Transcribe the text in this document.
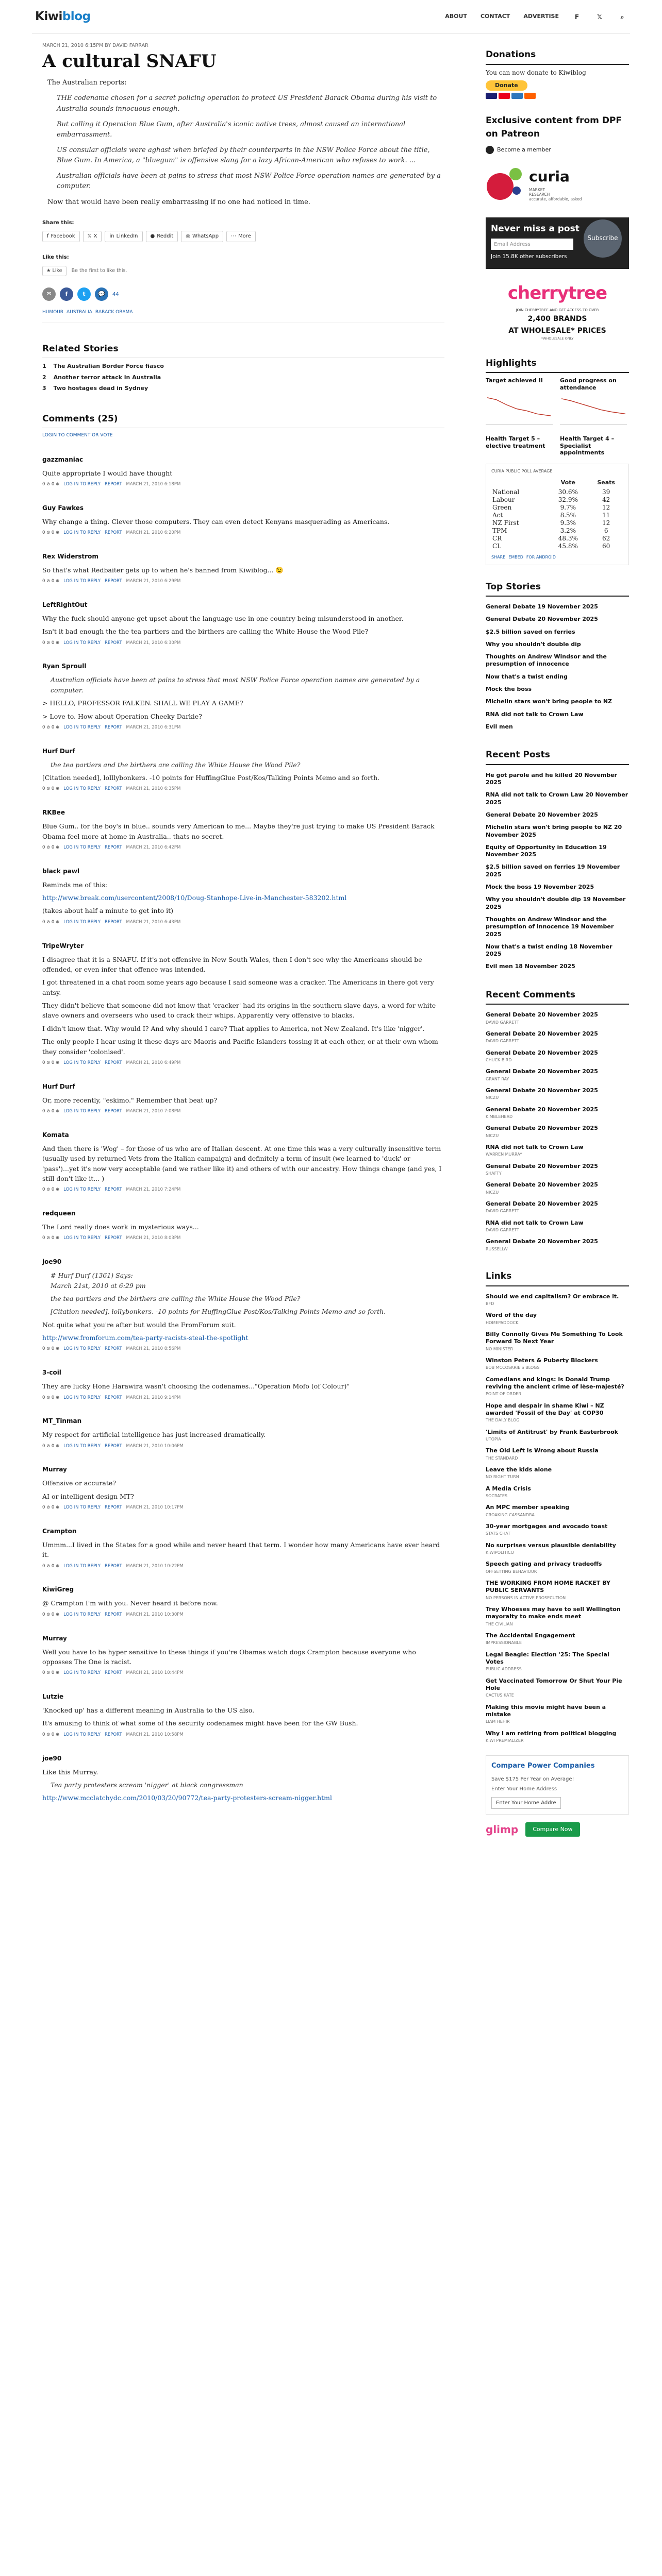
Kiwiblog	ABOUT CONTACT ADVERTISE	F	𝕏	⌕
MARCH 21, 2010 6:15PM BY DAVID FARRAR
A cultural SNAFU

The Australian reports:

THE codename chosen for a secret policing operation to protect US President Barack Obama during his visit to Australia sounds innocuous enough.

But calling it Operation Blue Gum, after Australia's iconic native trees, almost caused an international embarrassment.

US consular officials were aghast when briefed by their counterparts in the NSW Police Force about the title, Blue Gum. In America, a "bluegum" is offensive slang for a lazy African-American who refuses to work. ...

Australian officials have been at pains to stress that most NSW Police Force operation names are generated by a computer.

Now that would have been really embarrassing if no one had noticed in time.

Share this:
f Facebook 𝕏 X in LinkedIn ● Reddit ◎ WhatsApp ⋯ More
Like this:
★ Like Be the first to like this.
✉	f	t	💬	44
HUMOUR AUSTRALIA BARACK OBAMA
Related Stories
1 The Australian Border Force fiasco
2 Another terror attack in Australia
3 Two hostages dead in Sydney
Comments (25)
LOGIN TO COMMENT OR VOTE
gazzmaniac

Quite appropriate I would have thought

0 ⊘ 0 ⊕ LOG IN TO REPLY REPORT MARCH 21, 2010 6:18PM
Guy Fawkes

Why change a thing. Clever those computers. They can even detect Kenyans masquerading as Americans.

0 ⊘ 0 ⊕ LOG IN TO REPLY REPORT MARCH 21, 2010 6:20PM
Rex Widerstrom

So that's what Redbaiter gets up to when he's banned from Kiwiblog... 😉

0 ⊘ 0 ⊕ LOG IN TO REPLY REPORT MARCH 21, 2010 6:29PM
LeftRightOut

Why the fuck should anyone get upset about the language use in one country being misunderstood in another.

Isn't it bad enough the the tea partiers and the birthers are calling the White House the Wood Pile?

0 ⊘ 0 ⊕ LOG IN TO REPLY REPORT MARCH 21, 2010 6:30PM
Ryan Sproull

Australian officials have been at pains to stress that most NSW Police Force operation names are generated by a computer.

> HELLO, PROFESSOR FALKEN. SHALL WE PLAY A GAME?

> Love to. How about Operation Cheeky Darkie?

0 ⊘ 0 ⊕ LOG IN TO REPLY REPORT MARCH 21, 2010 6:31PM
Hurf Durf

the tea partiers and the birthers are calling the White House the Wood Pile?

[Citation needed], lolllybonkers. -10 points for HuffingGlue Post/Kos/Talking Points Memo and so forth.

0 ⊘ 0 ⊕ LOG IN TO REPLY REPORT MARCH 21, 2010 6:35PM
RKBee

Blue Gum.. for the boy's in blue.. sounds very American to me... Maybe they're just trying to make US President Barack Obama feel more at home in Australia.. thats no secret.

0 ⊘ 0 ⊕ LOG IN TO REPLY REPORT MARCH 21, 2010 6:42PM
black pawl

Reminds me of this:

http://www.break.com/usercontent/2008/10/Doug-Stanhope-Live-in-Manchester-583202.html

(takes about half a minute to get into it)

0 ⊘ 0 ⊕ LOG IN TO REPLY REPORT MARCH 21, 2010 6:43PM
TripeWryter

I disagree that it is a SNAFU. If it's not offensive in New South Wales, then I don't see why the Americans should be offended, or even infer that offence was intended.

I got threatened in a chat room some years ago because I said someone was a cracker. The Americans in there got very antsy.

They didn't believe that someone did not know that 'cracker' had its origins in the southern slave days, a word for white slave owners and overseers who used to crack their whips. Apparently very offensive to blacks.

I didn't know that. Why would I? And why should I care? That applies to America, not New Zealand. It's like 'nigger'.

The only people I hear using it these days are Maoris and Pacific Islanders tossing it at each other, or at their own whom they consider 'colonised'.

0 ⊘ 0 ⊕ LOG IN TO REPLY REPORT MARCH 21, 2010 6:49PM
Hurf Durf

Or, more recently, "eskimo." Remember that beat up?

0 ⊘ 0 ⊕ LOG IN TO REPLY REPORT MARCH 21, 2010 7:08PM
Komata

And then there is 'Wog' – for those of us who are of Italian descent. At one time this was a very culturally insensitive term (usually used by returned Vets from the Italian campaign) and definitely a term of insult (we learned to 'duck' or 'pass')...yet it's now very acceptable (and we rather like it) and others of with our ancestry. How things change (and yes, I still don't like it... )

0 ⊘ 0 ⊕ LOG IN TO REPLY REPORT MARCH 21, 2010 7:24PM
redqueen

The Lord really does work in mysterious ways...

0 ⊘ 0 ⊕ LOG IN TO REPLY REPORT MARCH 21, 2010 8:03PM
joe90

# Hurf Durf (1361) Says:
March 21st, 2010 at 6:29 pm

the tea partiers and the birthers are calling the White House the Wood Pile?

[Citation needed], lollybonkers. -10 points for HuffingGlue Post/Kos/Talking Points Memo and so forth.

Not quite what you're after but would the FromForum suit.

http://www.fromforum.com/tea-party-racists-steal-the-spotlight

0 ⊘ 0 ⊕ LOG IN TO REPLY REPORT MARCH 21, 2010 8:56PM
3-coil

They are lucky Hone Harawira wasn't choosing the codenames..."Operation Mofo (of Colour)"

0 ⊘ 0 ⊕ LOG IN TO REPLY REPORT MARCH 21, 2010 9:14PM
MT_Tinman

My respect for artificial intelligence has just increased dramatically.

0 ⊘ 0 ⊕ LOG IN TO REPLY REPORT MARCH 21, 2010 10:06PM
Murray

Offensive or accurate?

AI or intelligent design MT?

0 ⊘ 0 ⊕ LOG IN TO REPLY REPORT MARCH 21, 2010 10:17PM
Crampton

Ummm...I lived in the States for a good while and never heard that term. I wonder how many Americans have ever heard it.

0 ⊘ 0 ⊕ LOG IN TO REPLY REPORT MARCH 21, 2010 10:22PM
KiwiGreg

@ Crampton I'm with you. Never heard it before now.

0 ⊘ 0 ⊕ LOG IN TO REPLY REPORT MARCH 21, 2010 10:30PM
Murray

Well you have to be hyper sensitive to these things if you're Obamas watch dogs Crampton because everyone who opposses The One is racist.

0 ⊘ 0 ⊕ LOG IN TO REPLY REPORT MARCH 21, 2010 10:44PM
Lutzie

'Knocked up' has a different meaning in Australia to the US also.

It's amusing to think of what some of the security codenames might have been for the GW Bush.

0 ⊘ 0 ⊕ LOG IN TO REPLY REPORT MARCH 21, 2010 10:58PM
joe90

Like this Murray.

Tea party protesters scream 'nigger' at black congressman

http://www.mcclatchydc.com/2010/03/20/90772/tea-party-protesters-scream-nigger.html

Donations
You can now donate to Kiwiblog
Donate
Exclusive content from DPF on Patreon
Become a member
curia
MARKET
RESEARCH
accurate, affordable, asked
Never miss a post
Email Address
Join 15.8K other subscribers
Subscribe
cherrytree
JOIN CHERRYTREE AND GET ACCESS TO OVER
2,400 BRANDS
AT WHOLESALE* PRICES
*WHOLESALE ONLY
Highlights
Target achieved II	Good progress on attendance
Health Target 5 – elective treatment
Health Target 4 – Specialist appointments
CURIA PUBLIC POLL AVERAGE
	Vote	Seats
National	30.6%	39
Labour	32.9%	42
Green	9.7%	12
Act	8.5%	11
NZ First	9.3%	12
TPM	3.2%	6
CR	48.3%	62
CL	45.8%	60
SHARE EMBED FOR ANDROID
Top Stories
General Debate 19 November 2025
General Debate 20 November 2025
$2.5 billion saved on ferries
Why you shouldn't double dip
Thoughts on Andrew Windsor and the presumption of innocence
Now that's a twist ending
Mock the boss
Michelin stars won't bring people to NZ
RNA did not talk to Crown Law
Evil men
Recent Posts
He got parole and he killed 20 November 2025
RNA did not talk to Crown Law 20 November 2025
General Debate 20 November 2025
Michelin stars won't bring people to NZ 20 November 2025
Equity of Opportunity in Education 19 November 2025
$2.5 billion saved on ferries 19 November 2025
Mock the boss 19 November 2025
Why you shouldn't double dip 19 November 2025
Thoughts on Andrew Windsor and the presumption of innocence 19 November 2025
Now that's a twist ending 18 November 2025
Evil men 18 November 2025
Recent Comments
General Debate 20 November 2025
DAVID GARRETT
General Debate 20 November 2025
DAVID GARRETT
General Debate 20 November 2025
CHUCK BIRD
General Debate 20 November 2025
GRANT RAY
General Debate 20 November 2025
NICZU
General Debate 20 November 2025
KIMBLEHEAD
General Debate 20 November 2025
NICZU
RNA did not talk to Crown Law
WARREN MURRAY
General Debate 20 November 2025
SHAFTY
General Debate 20 November 2025
NICZU
General Debate 20 November 2025
DAVID GARRETT
RNA did not talk to Crown Law
DAVID GARRETT
General Debate 20 November 2025
RUSSELLW
Links
Should we end capitalism? Or embrace it.
BFD
Word of the day
HOMEPADDOCK
Billy Connolly Gives Me Something To Look Forward To Next Year
NO MINISTER
Winston Peters & Puberty Blockers
BOB MCCOSKRIE'S BLOGS
Comedians and kings: is Donald Trump reviving the ancient crime of lèse-majesté?
POINT OF ORDER
Hope and despair in shame Kiwi – NZ awarded 'Fossil of the Day' at COP30
THE DAILY BLOG
'Limits of Antitrust' by Frank Easterbrook
UTOPIA
The Old Left is Wrong about Russia
THE STANDARD
Leave the kids alone
NO RIGHT TURN
A Media Crisis
SOCRATES
An MPC member speaking
CROAKING CASSANDRA
30-year mortgages and avocado toast
STATS CHAT
No surprises versus plausible deniability
KIWIPOLITICO
Speech gating and privacy tradeoffs
OFFSETTING BEHAVIOUR
THE WORKING FROM HOME RACKET BY PUBLIC SERVANTS
NO PERSONS IN ACTIVE PROSECUTION
Trey Whoeses may have to sell Wellington mayoralty to make ends meet
THE CIVILIAN
The Accidental Engagement
IMPRESSIONABLE
Legal Beagle: Election '25: The Special Votes
PUBLIC ADDRESS
Get Vaccinated Tomorrow Or Shut Your Pie Hole
CACTUS KATE
Making this movie might have been a mistake
LIAM HEHIR
Why I am retiring from political blogging
KIWI PREMIALIZER
Compare Power Companies
Save $175 Per Year on Average!
Enter Your Home Address
Enter Your Home Addre
glimp	Compare Now
